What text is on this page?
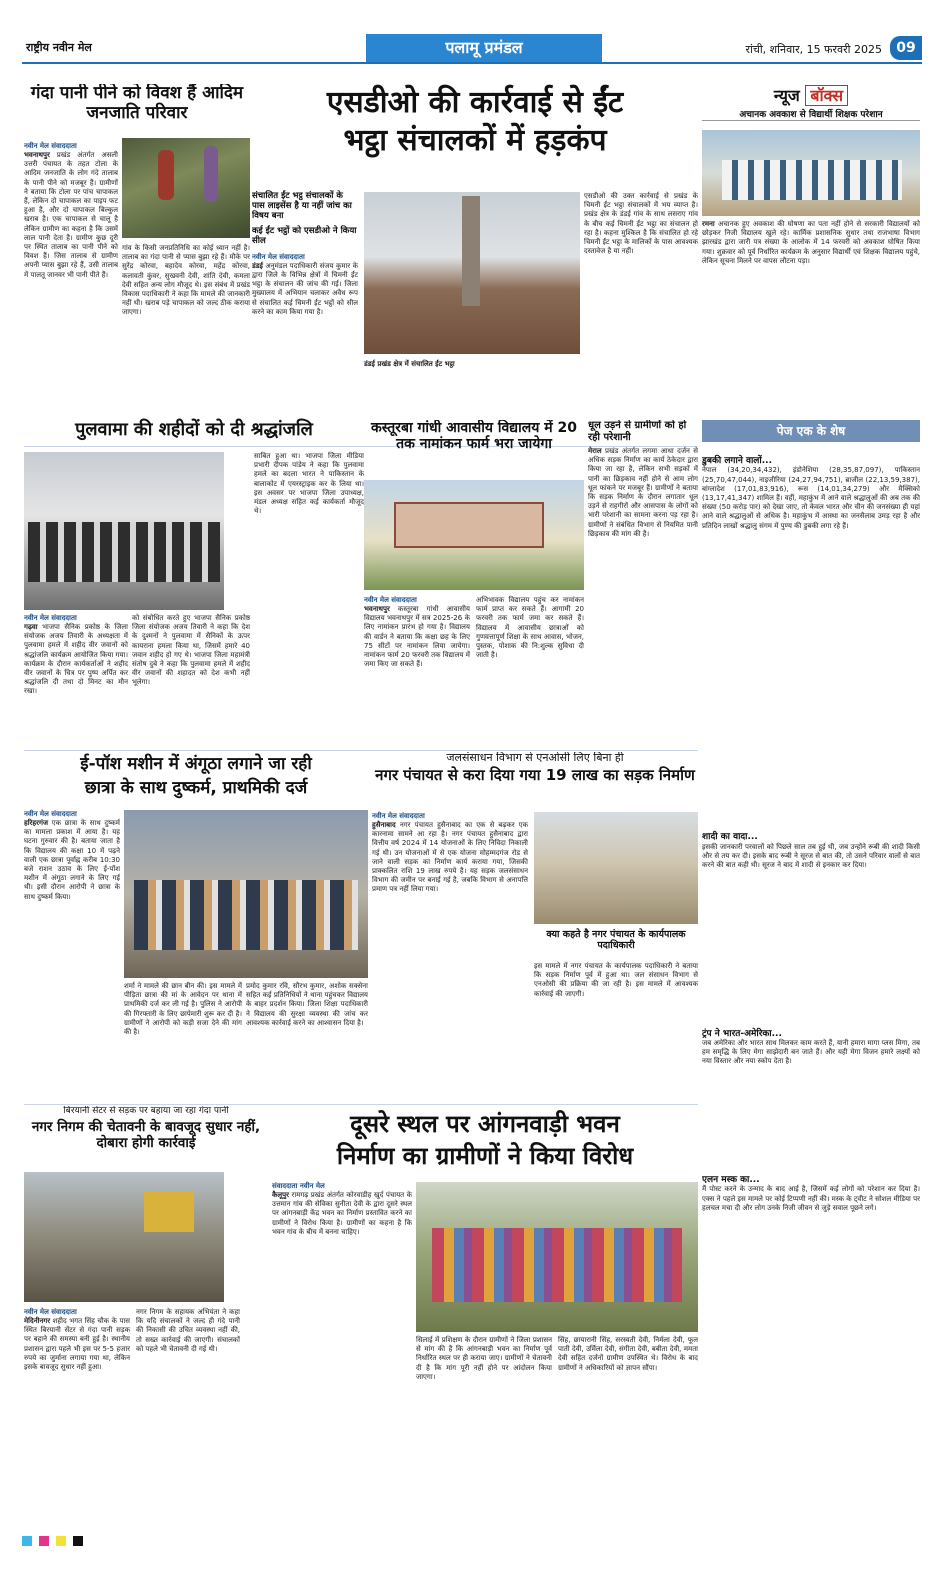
राष्ट्रीय नवीन मेल	पलामू प्रमंडल	रांची, शनिवार, 15 फरवरी 2025	09
गंदा पानी पीने को विवश हैं आदिम जनजाति परिवार
नवीन मेल संवाददाता
भवनाथपुर प्रखंड अंतर्गत असली उत्तरी पंचायत के तहत टोला के आदिम जनजाति के लोग गंदे तालाब के पानी पीने को मजबूर हैं। ग्रामीणों ने बताया कि टोला पर पांच चापाकल हैं, लेकिन दो चापाकल का पाइप फट हुआ है, और दो चापाकल बिल्कुल खराब है। एक चापाकल से चालू है लेकिन ग्रामीण का कहना है कि उसमें लाल पानी देता है। ग्रामीण कुछ दूरी पर स्थित तालाब का पानी पीने को विवश हैं। जिस तालाब से ग्रामीण अपनी प्यास बुझा रहे हैं, उसी तालाब में पालतू जानवर भी पानी पीते हैं।
गांव के किसी जनप्रतिनिधि का कोई ध्यान नहीं है। तालाब का गंदा पानी से प्यास बुझा रहे हैं। मौके पर सुरेंद्र कोरवा, बहादेव कोरवा, महेंद्र कोरवा, कलावती कुंवर, सुखवनी देवी, शांति देवी, कमला देवी सहित अन्य लोग मौजूद थे। इस संबंध में प्रखंड विकास पदाधिकारी ने कहा कि मामले की जानकारी नहीं थी। खराब पड़े चापाकल को जल्द ठीक कराया जाएगा।
एसडीओ की कार्रवाई से ईंट
भट्ठा संचालकों में हड़कंप
संचालित ईंट भट्ठ संचालकों के पास लाइसेंस है या नहीं जांच का विषय बना
कई ईंट भट्ठों को एसडीओ ने किया सील
नवीन मेल संवाददाता
डंडई अनुमंडल पदाधिकारी संजय कुमार के द्वारा जिले के विभिन्न क्षेत्रों में चिमनी ईंट भट्ठा के संचालन की जांच की गई। जिला मुख्यालय में अभियान चलाकर अवैध रूप से संचालित कई चिमनी ईंट भट्ठों को सील करने का काम किया गया है।
एसडीओ की उक्त कार्रवाई से प्रखंड के चिमनी ईंट भट्ठा संचालकों में भय व्याप्त है। प्रखंड क्षेत्र के डंडई गांव के साथ लसराए गांव के बीच कई चिमनी ईंट भट्ठा का संचालन हो रहा है। कहना मुश्किल है कि संचालित हो रहे चिमनी ईंट भट्ठा के मालिकों के पास आवश्यक दस्तावेज है या नहीं।
डंडई प्रखंड क्षेत्र में संचालित ईंट भट्ठा
न्यूज बॉक्स
अचानक अवकाश से विद्यार्थी शिक्षक परेशान
रमना अचानक हुए अवकाश की घोषणा का पता नहीं होने से सरकारी विद्यालयों को छोड़कर निजी विद्यालय खुले रहे। कार्मिक प्रशासनिक सुधार तथा राजभाषा विभाग झारखंड द्वारा जारी पत्र संख्या के आलोक में 14 फरवरी को अवकाश घोषित किया गया। शुक्रवार को पूर्व निर्धारित कार्यक्रम के अनुसार विद्यार्थी एवं शिक्षक विद्यालय पहुंचे, लेकिन सूचना मिलने पर वापस लौटना पड़ा।
पेज एक के शेष
डुबकी लगाने वालों...
नेपाल (34,20,34,432), इंडोनेशिया (28,35,87,097), पाकिस्तान (25,70,47,044), नाइजीरिया (24,27,94,751), ब्राजील (22,13,59,387), बांग्लादेश (17,01,83,916), रूस (14,01,34,279) और मैक्सिको (13,17,41,347) शामिल हैं। वहीं, महाकुंभ में आने वाले श्रद्धालुओं की अब तक की संख्या (50 करोड़ पार) को देखा जाए, तो केवल भारत और चीन की जनसंख्या ही यहां आने वाले श्रद्धालुओं से अधिक है। महाकुंभ में आस्था का जनसैलाब उमड़ रहा है और प्रतिदिन लाखों श्रद्धालु संगम में पुण्य की डुबकी लगा रहे हैं।
शादी का वादा...
इसकी जानकारी परवालों को पिछले साल तब हुई थी, जब उन्होंने रूबी की शादी किसी और से तय कर दी। इसके बाद रूबी ने सूरज से बात की, तो उसने परिवार वालों से बात करने की बात कही थी। सूरज ने बाद में शादी से इनकार कर दिया।
ट्रंप ने भारत-अमेरिका...
जब अमेरिका और भारत साथ मिलकर काम करते हैं, यानी हमारा मागा प्लस मिगा, तब हम समृद्धि के लिए मेगा साझेदारी बन जाते हैं। और यही मेगा विजन हमारे लक्ष्यों को नया विस्तार और नया स्कोप देता है।
एलन मस्क का...
मैं पोस्ट करने के उन्माद के बाद आई है, जिसमें कई लोगों को परेशान कर दिया है। एक्स ने पहले इस मामले पर कोई टिप्पणी नहीं की। मस्क के ट्वीट ने सोशल मीडिया पर हलचल मचा दी और लोग उनके निजी जीवन से जुड़े सवाल पूछने लगे।
पुलवामा की शहीदों को दी श्रद्धांजलि
नवीन मेल संवाददाता
गढ़वा भाजपा सैनिक प्रकोष्ठ के जिला संयोजक अजय तिवारी के अध्यक्षता में पुलवामा हमले में शहीद वीर जवानों को श्रद्धांजलि कार्यक्रम आयोजित किया गया। कार्यक्रम के दौरान कार्यकर्ताओं ने शहीद वीर जवानों के चित्र पर पुष्प अर्पित कर श्रद्धांजलि दी तथा दो मिनट का मौन रखा।
को संबोधित करते हुए भाजपा सैनिक प्रकोष्ठ जिला संयोजक अजय तिवारी ने कहा कि देश के दुश्मनों ने पुलवामा में सैनिकों के ऊपर कायराना हमला किया था, जिसमें हमारे 40 जवान शहीद हो गए थे। भाजपा जिला महामंत्री संतोष दुबे ने कहा कि पुलवामा हमले में शहीद वीर जवानों की शहादत को देश कभी नहीं भूलेगा।
साबित हुआ था। भाजपा जिला मीडिया प्रभारी दीपक पांडेय ने कहा कि पुलवामा हमले का बदला भारत ने पाकिस्तान के बालाकोट में एयरस्ट्राइक कर के लिया था। इस अवसर पर भाजपा जिला उपाध्यक्ष, मंडल अध्यक्ष सहित कई कार्यकर्ता मौजूद थे।
कस्तूरबा गांधी आवासीय विद्यालय में 20 तक नामांकन फार्म भरा जायेगा
नवीन मेल संवाददाता
भवनाथपुर कस्तूरबा गांधी आवासीय विद्यालय भवनाथपुर में सत्र 2025-26 के लिए नामांकन प्रारंभ हो गया है। विद्यालय की वार्डन ने बताया कि कक्षा छह के लिए 75 सीटों पर नामांकन लिया जायेगा। नामांकन फार्म 20 फरवरी तक विद्यालय में जमा किए जा सकते हैं।
अभिभावक विद्यालय पहुंच कर नामांकन फार्म प्राप्त कर सकते हैं। आगामी 20 फरवरी तक फार्म जमा कर सकते हैं। विद्यालय में आवासीय छात्राओं को गुणवत्तापूर्ण शिक्षा के साथ आवास, भोजन, पुस्तक, पोशाक की नि:शुल्क सुविधा दी जाती है।
धूल उड़ने से ग्रामीणों को हो रही परेशानी
मेराल प्रखंड अंतर्गत लगमा आधा दर्जन से अधिक सड़क निर्माण का कार्य ठेकेदार द्वारा किया जा रहा है, लेकिन सभी सड़कों में पानी का छिड़काव नहीं होने से आम लोग धूल फांकने पर मजबूर हैं। ग्रामीणों ने बताया कि सड़क निर्माण के दौरान लगातार धूल उड़ने से राहगीरों और आसपास के लोगों को भारी परेशानी का सामना करना पड़ रहा है। ग्रामीणों ने संबंधित विभाग से नियमित पानी छिड़काव की मांग की है।
ई-पॉश मशीन में अंगूठा लगाने जा रही
छात्रा के साथ दुष्कर्म, प्राथमिकी दर्ज
नवीन मेल संवाददाता
हरिहरगंज एक छात्रा के साथ दुष्कर्म का मामला प्रकाश में आया है। यह घटना गुरुवार की है। बताया जाता है कि विद्यालय की कक्षा 10 में पढ़ने वाली एक छात्रा पूर्वाह्न करीब 10:30 बजे राशन उठाव के लिए ई-पॉश मशीन में अंगूठा लगाने के लिए गई थी। इसी दौरान आरोपी ने छात्रा के साथ दुष्कर्म किया।
शर्मा ने मामले की छान बीन की। इस मामले में पीड़िता छात्रा की मां के आवेदन पर थाना में प्राथमिकी दर्ज कर ली गई है। पुलिस ने आरोपी की गिरफ्तारी के लिए छापेमारी शुरू कर दी है। ग्रामीणों ने आरोपी को कड़ी सजा देने की मांग की है।
प्रमोद कुमार रवि, सौरभ कुमार, अशोक सक्सेना सहित कई प्रतिनिधियों ने थाना पहुंचकर विद्यालय के बाहर प्रदर्शन किया। जिला शिक्षा पदाधिकारी ने विद्यालय की सुरक्षा व्यवस्था की जांच कर आवश्यक कार्रवाई करने का आश्वासन दिया है।
जलसंसाधन विभाग से एनओसी लिए बिना ही
नगर पंचायत से करा दिया गया 19 लाख का सड़क निर्माण
नवीन मेल संवाददाता
हुसैनाबाद नगर पंचायत हुसैनाबाद का एक से बढ़कर एक कारनामा सामने आ रहा है। नगर पंचायत हुसैनाबाद द्वारा वित्तीय वर्ष 2024 में 14 योजनाओं के लिए निविदा निकाली गई थी। उन योजनाओं में से एक योजना मोहम्मदगंज रोड से जाने वाली सड़क का निर्माण कार्य कराया गया, जिसकी प्राक्कलित राशि 19 लाख रुपये है। यह सड़क जलसंसाधन विभाग की जमीन पर बनाई गई है, जबकि विभाग से अनापत्ति प्रमाण पत्र नहीं लिया गया।
क्या कहते है नगर पंचायत के कार्यपालक पदाधिकारी
इस मामले में नगर पंचायत के कार्यपालक पदाधिकारी ने बताया कि सड़क निर्माण पूर्व में हुआ था। जल संसाधन विभाग से एनओसी की प्रक्रिया की जा रही है। इस मामले में आवश्यक कार्रवाई की जाएगी।
बिरयानी सेंटर से सड़क पर बहाया जा रहा गंदा पानी
नगर निगम की चेतावनी के बावजूद सुधार नहीं, दोबारा होगी कार्रवाई
नवीन मेल संवाददाता
मेदिनीनगर शहीद भगत सिंह चौक के पास स्थित बिरयानी सेंटर से गंदा पानी सड़क पर बहाने की समस्या बनी हुई है। स्थानीय प्रशासन द्वारा पहले भी इस पर 5-5 हजार रुपये का जुर्माना लगाया गया था, लेकिन इसके बावजूद सुधार नहीं हुआ।
नगर निगम के सहायक अभियंता ने कहा कि यदि संचालकों ने जल्द ही गंदे पानी की निकासी की उचित व्यवस्था नहीं की, तो सख्त कार्रवाई की जाएगी। संचालकों को पहले भी चेतावनी दी गई थी।
दूसरे स्थल पर आंगनवाड़ी भवन
निर्माण का ग्रामीणों ने किया विरोध
संवाददाता नवीन मेल
कैलूपुर रामगढ़ प्रखंड अंतर्गत कोरवाडीह खुर्द पंचायत के उत्तमान गांव की सेविका सुनीता देवी के द्वारा दूसरे स्थल पर आंगनबाड़ी केंद्र भवन का निर्माण प्रस्तावित करने का ग्रामीणों ने विरोध किया है। ग्रामीणों का कहना है कि भवन गांव के बीच में बनना चाहिए।
सिलाई में प्रशिक्षण के दौरान ग्रामीणों ने जिला प्रशासन से मांग की है कि आंगनबाड़ी भवन का निर्माण पूर्व निर्धारित स्थल पर ही कराया जाए। ग्रामीणों ने चेतावनी दी है कि मांग पूरी नहीं होने पर आंदोलन किया जाएगा।
सिंह, छायारानी सिंह, सरस्वती देवी, निर्मला देवी, फूल पाती देवी, उर्मिला देवी, संगीता देवी, बबीता देवी, ममता देवी सहित दर्जनों ग्रामीण उपस्थित थे। विरोध के बाद ग्रामीणों ने अधिकारियों को ज्ञापन सौंपा।
